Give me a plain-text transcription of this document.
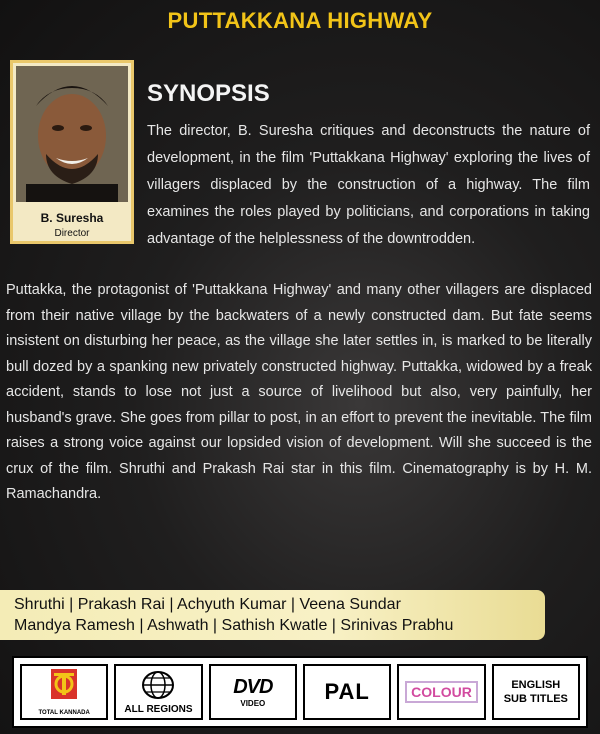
PUTTAKKANA HIGHWAY
B. Suresha
Director
SYNOPSIS
The director, B. Suresha critiques and deconstructs the nature of development, in the film 'Puttakkana Highway' exploring the lives of villagers displaced by the construction of a highway. The film examines the roles played by politicians, and corporations in taking advantage of the helplessness of the downtrodden.
Puttakka, the protagonist of 'Puttakkana Highway' and many other villagers are displaced from their native village by the backwaters of a newly constructed dam. But fate seems insistent on disturbing her peace, as the village she later settles in, is marked to be literally bull dozed by a spanking new privately constructed highway. Puttakka, widowed by a freak accident, stands to lose not just a source of livelihood but also, very painfully, her husband's grave. She goes from pillar to post, in an effort to prevent the inevitable. The film raises a strong voice against our lopsided vision of development. Will she succeed is the crux of the film. Shruthi and Prakash Rai star in this film. Cinematography is by H. M. Ramachandra.
Shruthi | Prakash Rai | Achyuth Kumar | Veena Sundar
Mandya Ramesh | Ashwath | Sathish Kwatle | Srinivas Prabhu
TOTAL KANNADA	ALL REGIONS
DVD
VIDEO	PAL	COLOUR	ENGLISH
SUB TITLES
